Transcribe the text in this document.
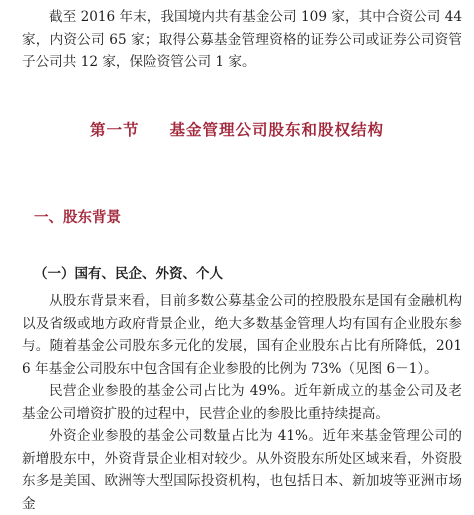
截至 2016 年末，我国境内共有基金公司 109 家，其中合资公司 44 家，内资公司 65 家；取得公募基金管理资格的证券公司或证券公司资管子公司共 12 家，保险资管公司 1 家。

第一节 基金管理公司股东和股权结构
一、股东背景
（一）国有、民企、外资、个人

从股东背景来看，目前多数公募基金公司的控股股东是国有金融机构以及省级或地方政府背景企业，绝大多数基金管理人均有国有企业股东参与。随着基金公司股东多元化的发展，国有企业股东占比有所降低，2016 年基金公司股东中包含国有企业参股的比例为 73%（见图 6－1）。

民营企业参股的基金公司占比为 49%。近年新成立的基金公司及老基金公司增资扩股的过程中，民营企业的参股比重持续提高。

外资企业参股的基金公司数量占比为 41%。近年来基金管理公司的新增股东中，外资背景企业相对较少。从外资股东所处区域来看，外资股东多是美国、欧洲等大型国际投资机构，也包括日本、新加坡等亚洲市场金
